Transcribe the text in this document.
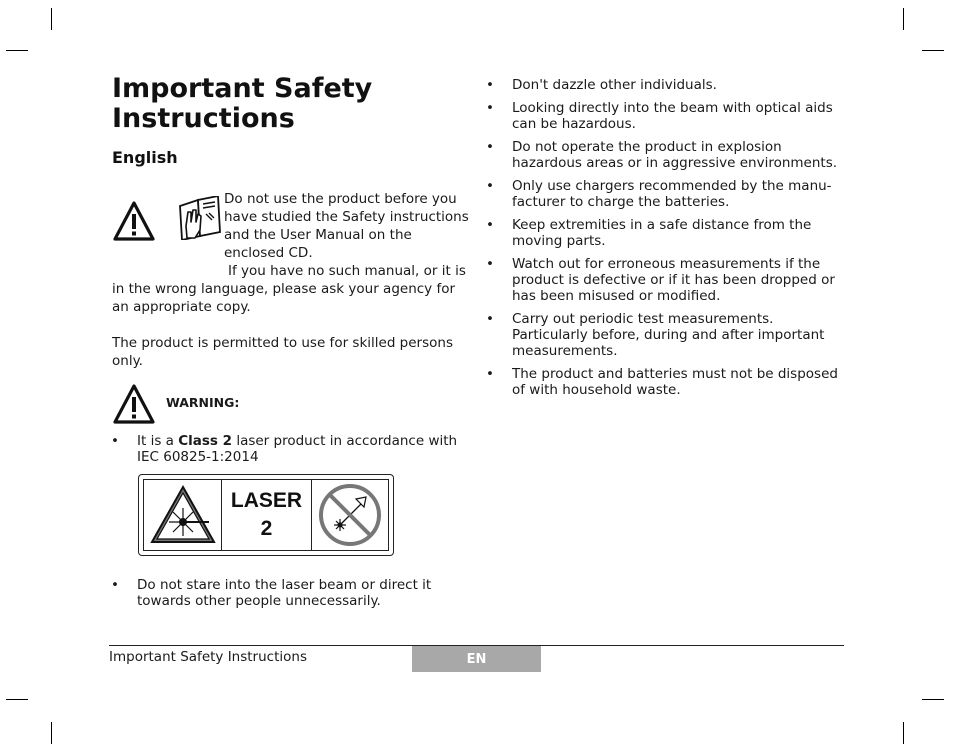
Important Safety
Instructions
English

Do not use the product before you
have studied the Safety instructions
and the User Manual on the
enclosed CD.

If you have no such manual, or it is in the wrong language, please ask your agency for an appropriate copy.

The product is permitted to use for skilled persons only.

WARNING:

• It is a Class 2 laser product in accordance with IEC 60825-1:2014
LASER
2
• Do not stare into the laser beam or direct it towards other people unnecessarily.
• Don't dazzle other individuals.
• Looking directly into the beam with optical aids can be hazardous.
• Do not operate the product in explosion hazardous areas or in aggressive environments.
• Only use chargers recommended by the manu-facturer to charge the batteries.
• Keep extremities in a safe distance from the moving parts.
• Watch out for erroneous measurements if the product is defective or if it has been dropped or has been misused or modified.
• Carry out periodic test measurements. Particularly before, during and after important measurements.
• The product and batteries must not be disposed of with household waste.

Important Safety Instructions	EN
